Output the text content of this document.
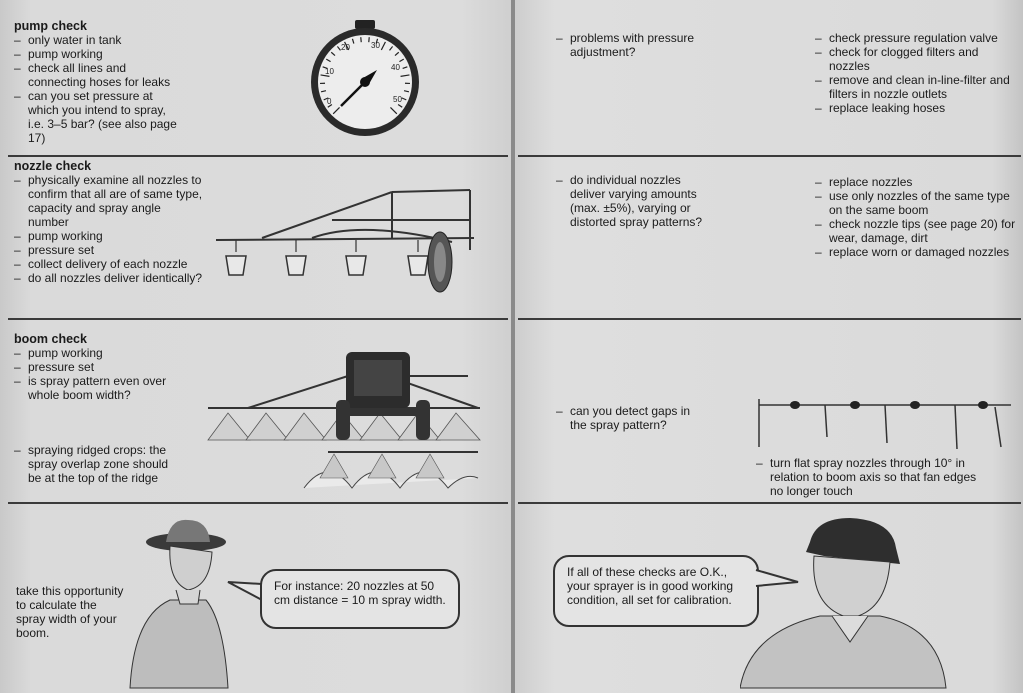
pump check
– only water in tank
– pump working
– check all lines and connecting hoses for leaks
– can you set pressure at which you intend to spray, i.e. 3–5 bar? (see also page 17)
0
10
20	30
40
50
– problems with pressure adjustment?
– check pressure regulation valve
– check for clogged filters and nozzles
– remove and clean in-line-filter and filters in nozzle outlets
– replace leaking hoses
nozzle check
– physically examine all nozzles to confirm that all are of same type, capacity and spray angle number
– pump working
– pressure set
– collect delivery of each nozzle
– do all nozzles deliver identically?
– do individual nozzles deliver varying amounts (max. ±5%), varying or distorted spray patterns?
– replace nozzles
– use only nozzles of the same type on the same boom
– check nozzle tips (see page 20) for wear, damage, dirt
– replace worn or damaged nozzles
boom check
– pump working
– pressure set
– is spray pattern even over whole boom width?
– spraying ridged crops: the spray overlap zone should be at the top of the ridge
– can you detect gaps in the spray pattern?
– turn flat spray nozzles through 10° in relation to boom axis so that fan edges no longer touch
take this opportunity to calculate the spray width of your boom.
For instance: 20 nozzles at 50 cm distance = 10 m spray width.
If all of these checks are O.K., your sprayer is in good working condition, all set for calibration.
